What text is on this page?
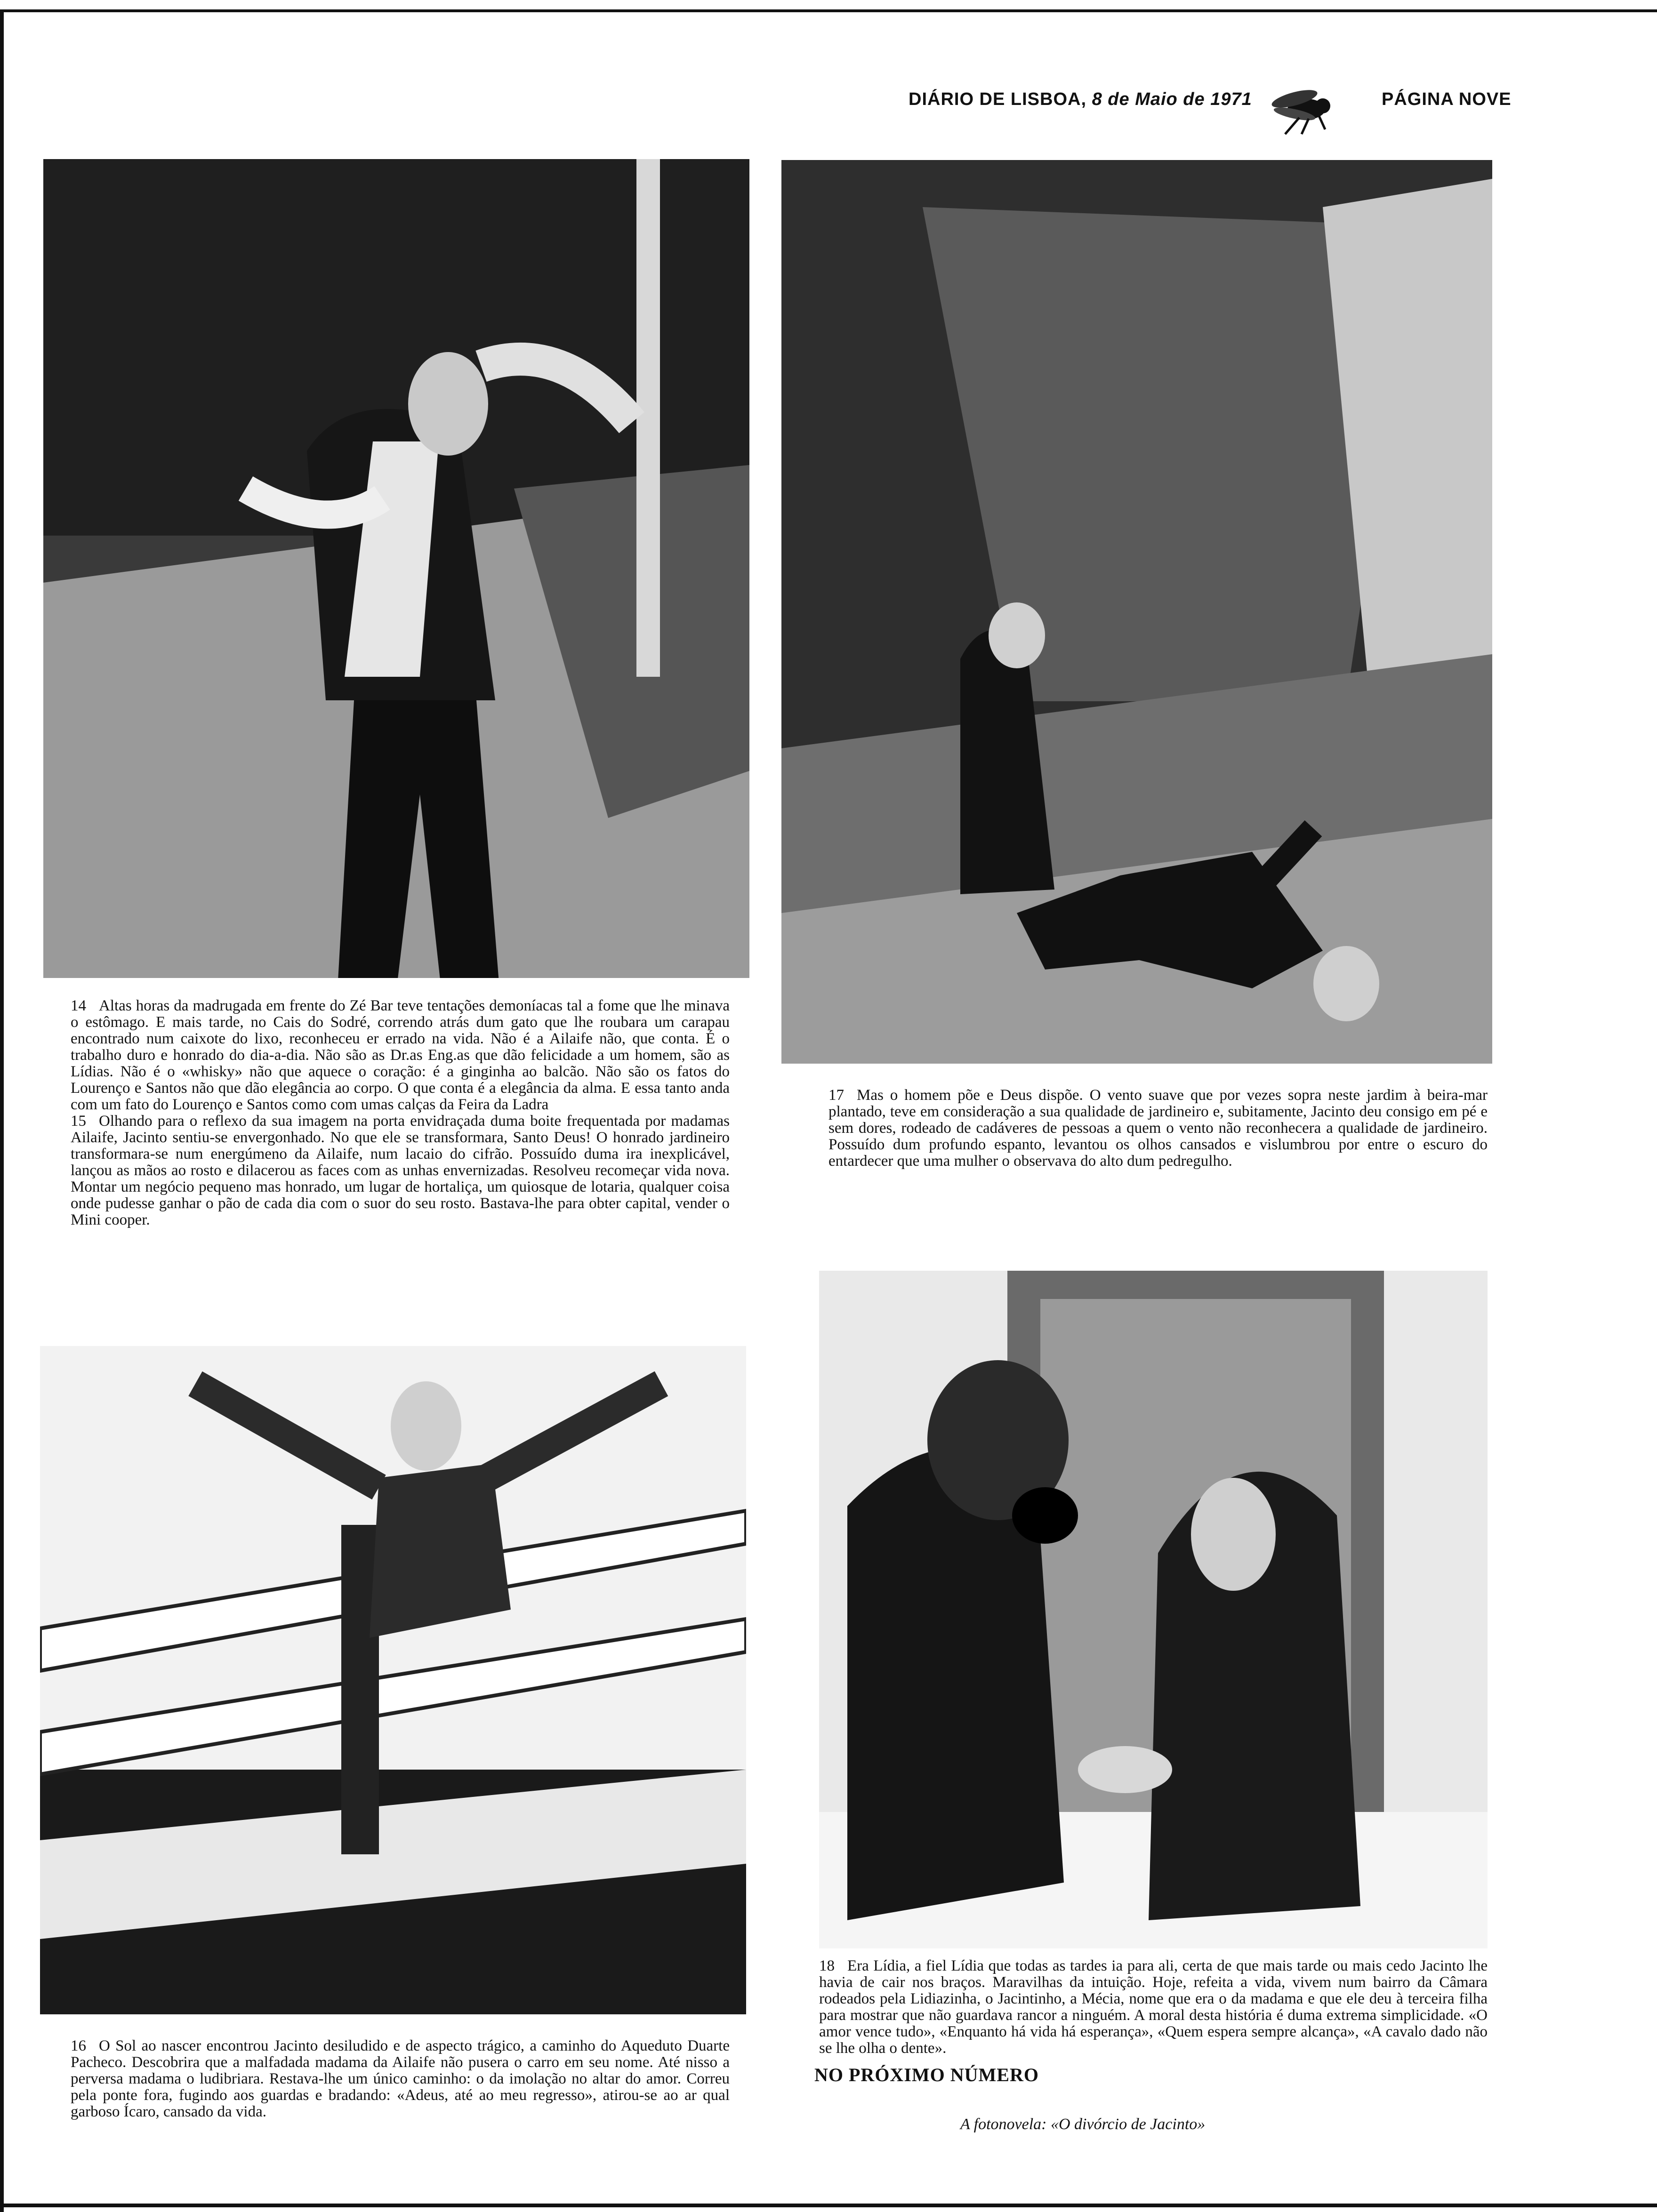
DIÁRIO DE LISBOA, 8 de Maio de 1971	PÁGINA NOVE

14 Altas horas da madrugada em frente do Zé Bar teve tentações demoníacas tal a fome que lhe minava o estômago. E mais tarde, no Cais do Sodré, correndo atrás dum gato que lhe roubara um carapau encontrado num caixote do lixo, reconheceu er errado na vida. Não é a Ailaife não, que conta. É o trabalho duro e honrado do dia-a-dia. Não são as Dr.as Eng.as que dão felicidade a um homem, são as Lídias. Não é o «whisky» não que aquece o coração: é a ginginha ao balcão. Não são os fatos do Lourenço e Santos não que dão elegância ao corpo. O que conta é a elegância da alma. E essa tanto anda com um fato do Lourenço e Santos como com umas calças da Feira da Ladra

15 Olhando para o reflexo da sua imagem na porta envidraçada duma boite frequentada por madamas Ailaife, Jacinto sentiu-se envergonhado. No que ele se transformara, Santo Deus! O honrado jardineiro transformara-se num energúmeno da Ailaife, num lacaio do cifrão. Possuído duma ira inexplicável, lançou as mãos ao rosto e dilacerou as faces com as unhas envernizadas. Resolveu recomeçar vida nova. Montar um negócio pequeno mas honrado, um lugar de hortaliça, um quiosque de lotaria, qualquer coisa onde pudesse ganhar o pão de cada dia com o suor do seu rosto. Bastava-lhe para obter capital, vender o Mini cooper.

16 O Sol ao nascer encontrou Jacinto desiludido e de aspecto trágico, a caminho do Aqueduto Duarte Pacheco. Descobrira que a malfadada madama da Ailaife não pusera o carro em seu nome. Até nisso a perversa madama o ludibriara. Restava-lhe um único caminho: o da imolação no altar do amor. Correu pela ponte fora, fugindo aos guardas e bradando: «Adeus, até ao meu regresso», atirou-se ao ar qual garboso Ícaro, cansado da vida.

17 Mas o homem põe e Deus dispõe. O vento suave que por vezes sopra neste jardim à beira-mar plantado, teve em consideração a sua qualidade de jardineiro e, subitamente, Jacinto deu consigo em pé e sem dores, rodeado de cadáveres de pessoas a quem o vento não reconhecera a qualidade de jardineiro. Possuído dum profundo espanto, levantou os olhos cansados e vislumbrou por entre o escuro do entardecer que uma mulher o observava do alto dum pedregulho.

18 Era Lídia, a fiel Lídia que todas as tardes ia para ali, certa de que mais tarde ou mais cedo Jacinto lhe havia de cair nos braços. Maravilhas da intuição. Hoje, refeita a vida, vivem num bairro da Câmara rodeados pela Lidiazinha, o Jacintinho, a Mécia, nome que era o da madama e que ele deu à terceira filha para mostrar que não guardava rancor a ninguém. A moral desta história é duma extrema simplicidade. «O amor vence tudo», «Enquanto há vida há esperança», «Quem espera sempre alcança», «A cavalo dado não se lhe olha o dente».

NO PRÓXIMO NÚMERO
A fotonovela: «O divórcio de Jacinto»
